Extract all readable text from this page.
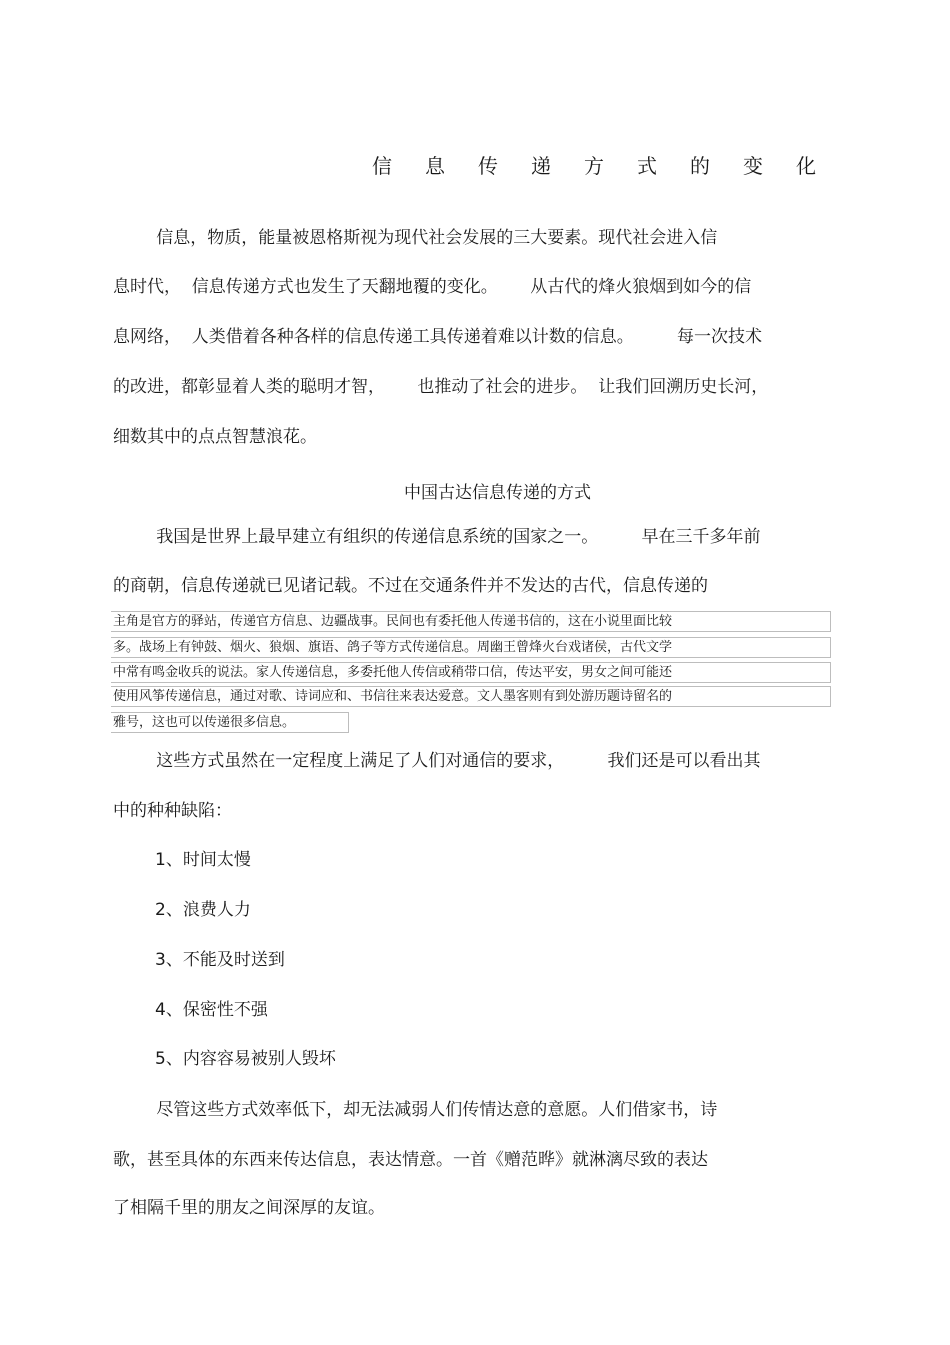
信息传递方式的变化
信息，物质，能量被恩格斯视为现代社会发展的三大要素。现代社会进入信
息时代，  信息传递方式也发生了天翻地覆的变化。      从古代的烽火狼烟到如今的信
息网络，  人类借着各种各样的信息传递工具传递着难以计数的信息。        每一次技术
的改进，都彰显着人类的聪明才智，      也推动了社会的进步。  让我们回溯历史长河，
细数其中的点点智慧浪花。
中国古达信息传递的方式
我国是世界上最早建立有组织的传递信息系统的国家之一。        早在三千多年前
的商朝，信息传递就已见诸记载。不过在交通条件并不发达的古代，信息传递的
主角是官方的驿站，传递官方信息、边疆战事。民间也有委托他人传递书信的，这在小说里面比较
多。战场上有钟鼓、烟火、狼烟、旗语、鸽子等方式传递信息。周幽王曾烽火台戏诸侯，古代文学
中常有鸣金收兵的说法。家人传递信息，多委托他人传信或稍带口信，传达平安，男女之间可能还
使用风筝传递信息，通过对歌、诗词应和、书信往来表达爱意。文人墨客则有到处游历题诗留名的
雅号，这也可以传递很多信息。
这些方式虽然在一定程度上满足了人们对通信的要求，        我们还是可以看出其
中的种种缺陷：
1、时间太慢
2、浪费人力
3、不能及时送到
4、保密性不强
5、内容容易被别人毁坏
尽管这些方式效率低下，却无法减弱人们传情达意的意愿。人们借家书，诗
歌，甚至具体的东西来传达信息，表达情意。一首《赠范晔》就淋漓尽致的表达
了相隔千里的朋友之间深厚的友谊。
